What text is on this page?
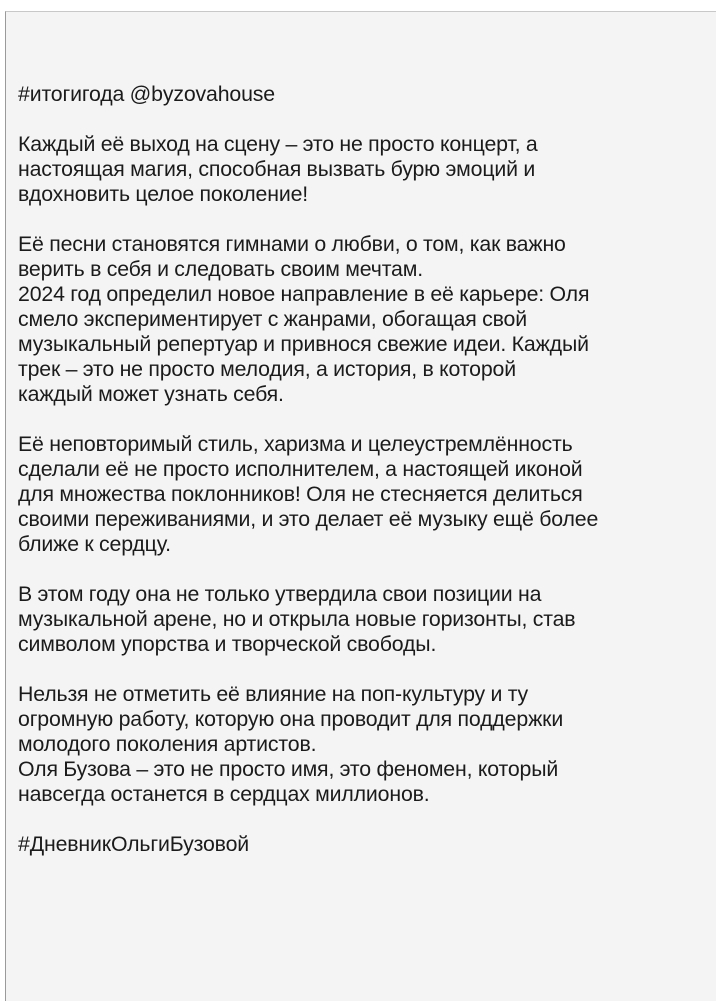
#итогигода @byzovahouse
Каждый её выход на сцену – это не просто концерт, а
настоящая магия, способная вызвать бурю эмоций и
вдохновить целое поколение!
Её песни становятся гимнами о любви, о том, как важно
верить в себя и следовать своим мечтам.
2024 год определил новое направление в её карьере: Оля
смело экспериментирует с жанрами, обогащая свой
музыкальный репертуар и привнося свежие идеи. Каждый
трек – это не просто мелодия, а история, в которой
каждый может узнать себя.
Её неповторимый стиль, харизма и целеустремлённость
сделали её не просто исполнителем, а настоящей иконой
для множества поклонников! Оля не стесняется делиться
своими переживаниями, и это делает её музыку ещё более
ближе к сердцу.
В этом году она не только утвердила свои позиции на
музыкальной арене, но и открыла новые горизонты, став
символом упорства и творческой свободы.
Нельзя не отметить её влияние на поп-культуру и ту
огромную работу, которую она проводит для поддержки
молодого поколения артистов.
Оля Бузова – это не просто имя, это феномен, который
навсегда останется в сердцах миллионов.
#ДневникОльгиБузовой
